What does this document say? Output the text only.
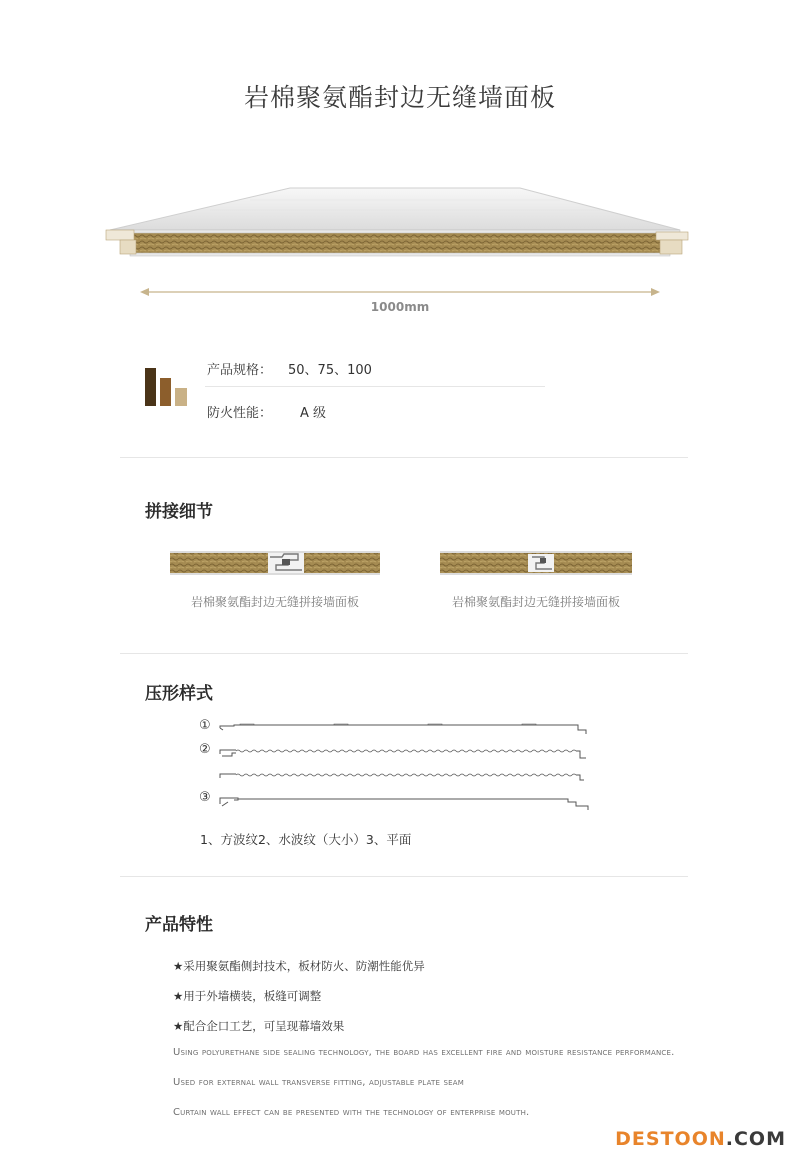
岩棉聚氨酯封边无缝墙面板
1000mm
产品规格： 50、75、100
防火性能： A 级
拼接细节
岩棉聚氨酯封边无缝拼接墙面板	岩棉聚氨酯封边无缝拼接墙面板
压形样式
①
②
③
1、方波纹2、水波纹（大小）3、平面
产品特性
★采用聚氨酯侧封技术，板材防火、防潮性能优异
★用于外墙横装，板缝可调整
★配合企口工艺，可呈现幕墙效果
Using polyurethane side sealing technology, the board has excellent fire and moisture resistance performance.
Used for external wall transverse fitting, adjustable plate seam
Curtain wall effect can be presented with the technology of enterprise mouth.
DESTOON.COM
